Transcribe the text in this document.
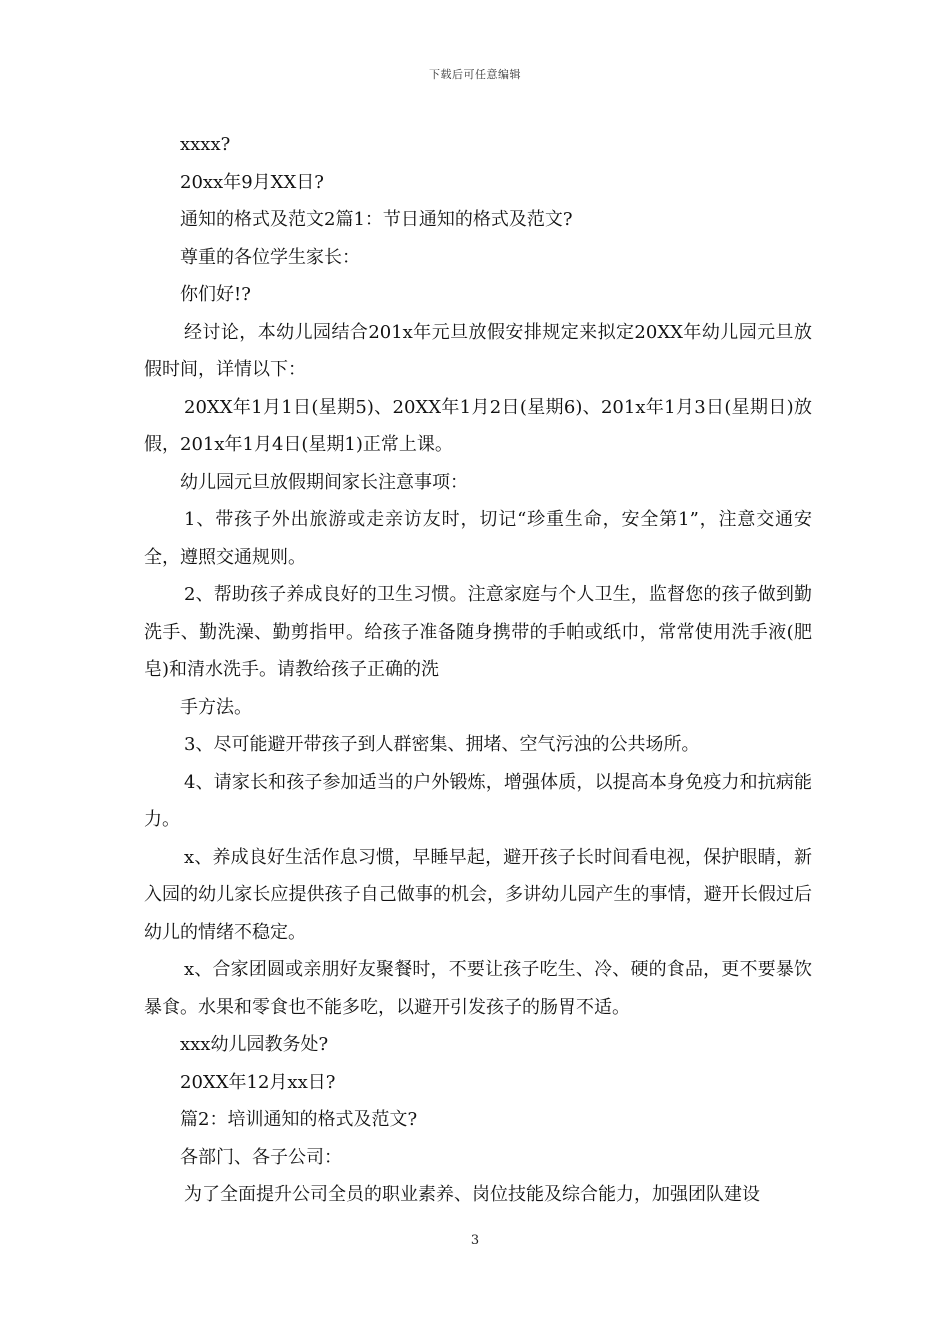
下载后可任意编辑

xxxx?

20xx年9月XX日?

通知的格式及范文2篇1：节日通知的格式及范文?

尊重的各位学生家长：

你们好!?

经讨论，本幼儿园结合201x年元旦放假安排规定来拟定20XX年幼儿园元旦放假时间，详情以下：

20XX年1月1日(星期5)、20XX年1月2日(星期6)、201x年1月3日(星期日)放假，201x年1月4日(星期1)正常上课。

幼儿园元旦放假期间家长注意事项：

1、带孩子外出旅游或走亲访友时，切记“珍重生命，安全第1”，注意交通安全，遵照交通规则。

2、帮助孩子养成良好的卫生习惯。注意家庭与个人卫生，监督您的孩子做到勤洗手、勤洗澡、勤剪指甲。给孩子准备随身携带的手帕或纸巾，常常使用洗手液(肥皂)和清水洗手。请教给孩子正确的洗

手方法。

3、尽可能避开带孩子到人群密集、拥堵、空气污浊的公共场所。

4、请家长和孩子参加适当的户外锻炼，增强体质，以提高本身免疫力和抗病能力。

x、养成良好生活作息习惯，早睡早起，避开孩子长时间看电视，保护眼睛，新入园的幼儿家长应提供孩子自己做事的机会，多讲幼儿园产生的事情，避开长假过后幼儿的情绪不稳定。

x、合家团圆或亲朋好友聚餐时，不要让孩子吃生、冷、硬的食品，更不要暴饮暴食。水果和零食也不能多吃，以避开引发孩子的肠胃不适。

xxx幼儿园教务处?

20XX年12月xx日?

篇2：培训通知的格式及范文?

各部门、各子公司：

为了全面提升公司全员的职业素养、岗位技能及综合能力，加强团队建设

3
